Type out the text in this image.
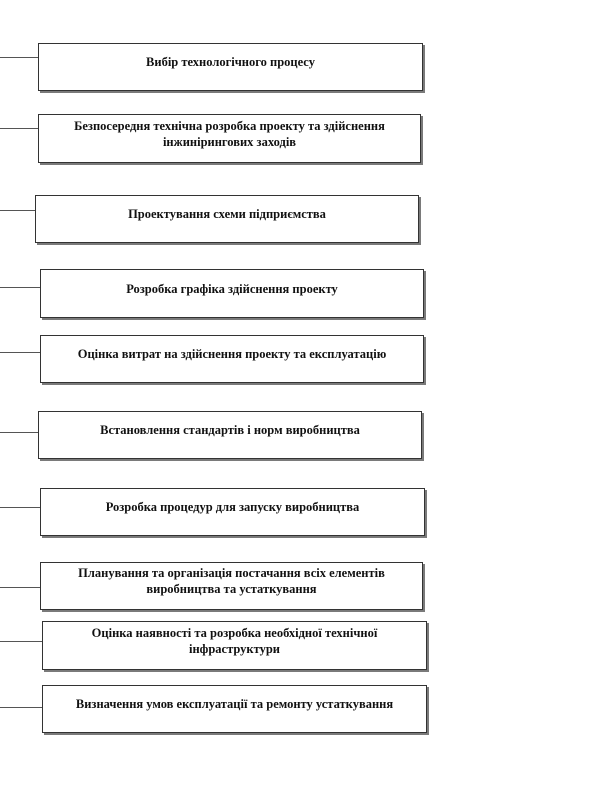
Вибір технологічного процесу
Безпосередня технічна розробка проекту та здійснення інжинірингових заходів
Проектування схеми підприємства
Розробка графіка здійснення проекту
Оцінка витрат на здійснення проекту та експлуатацію
Встановлення стандартів і норм виробництва
Розробка процедур для запуску виробництва
Планування та організація постачання всіх елементів виробництва та устаткування
Оцінка наявності та розробка необхідної технічної інфраструктури
Визначення умов експлуатації та ремонту устаткування
